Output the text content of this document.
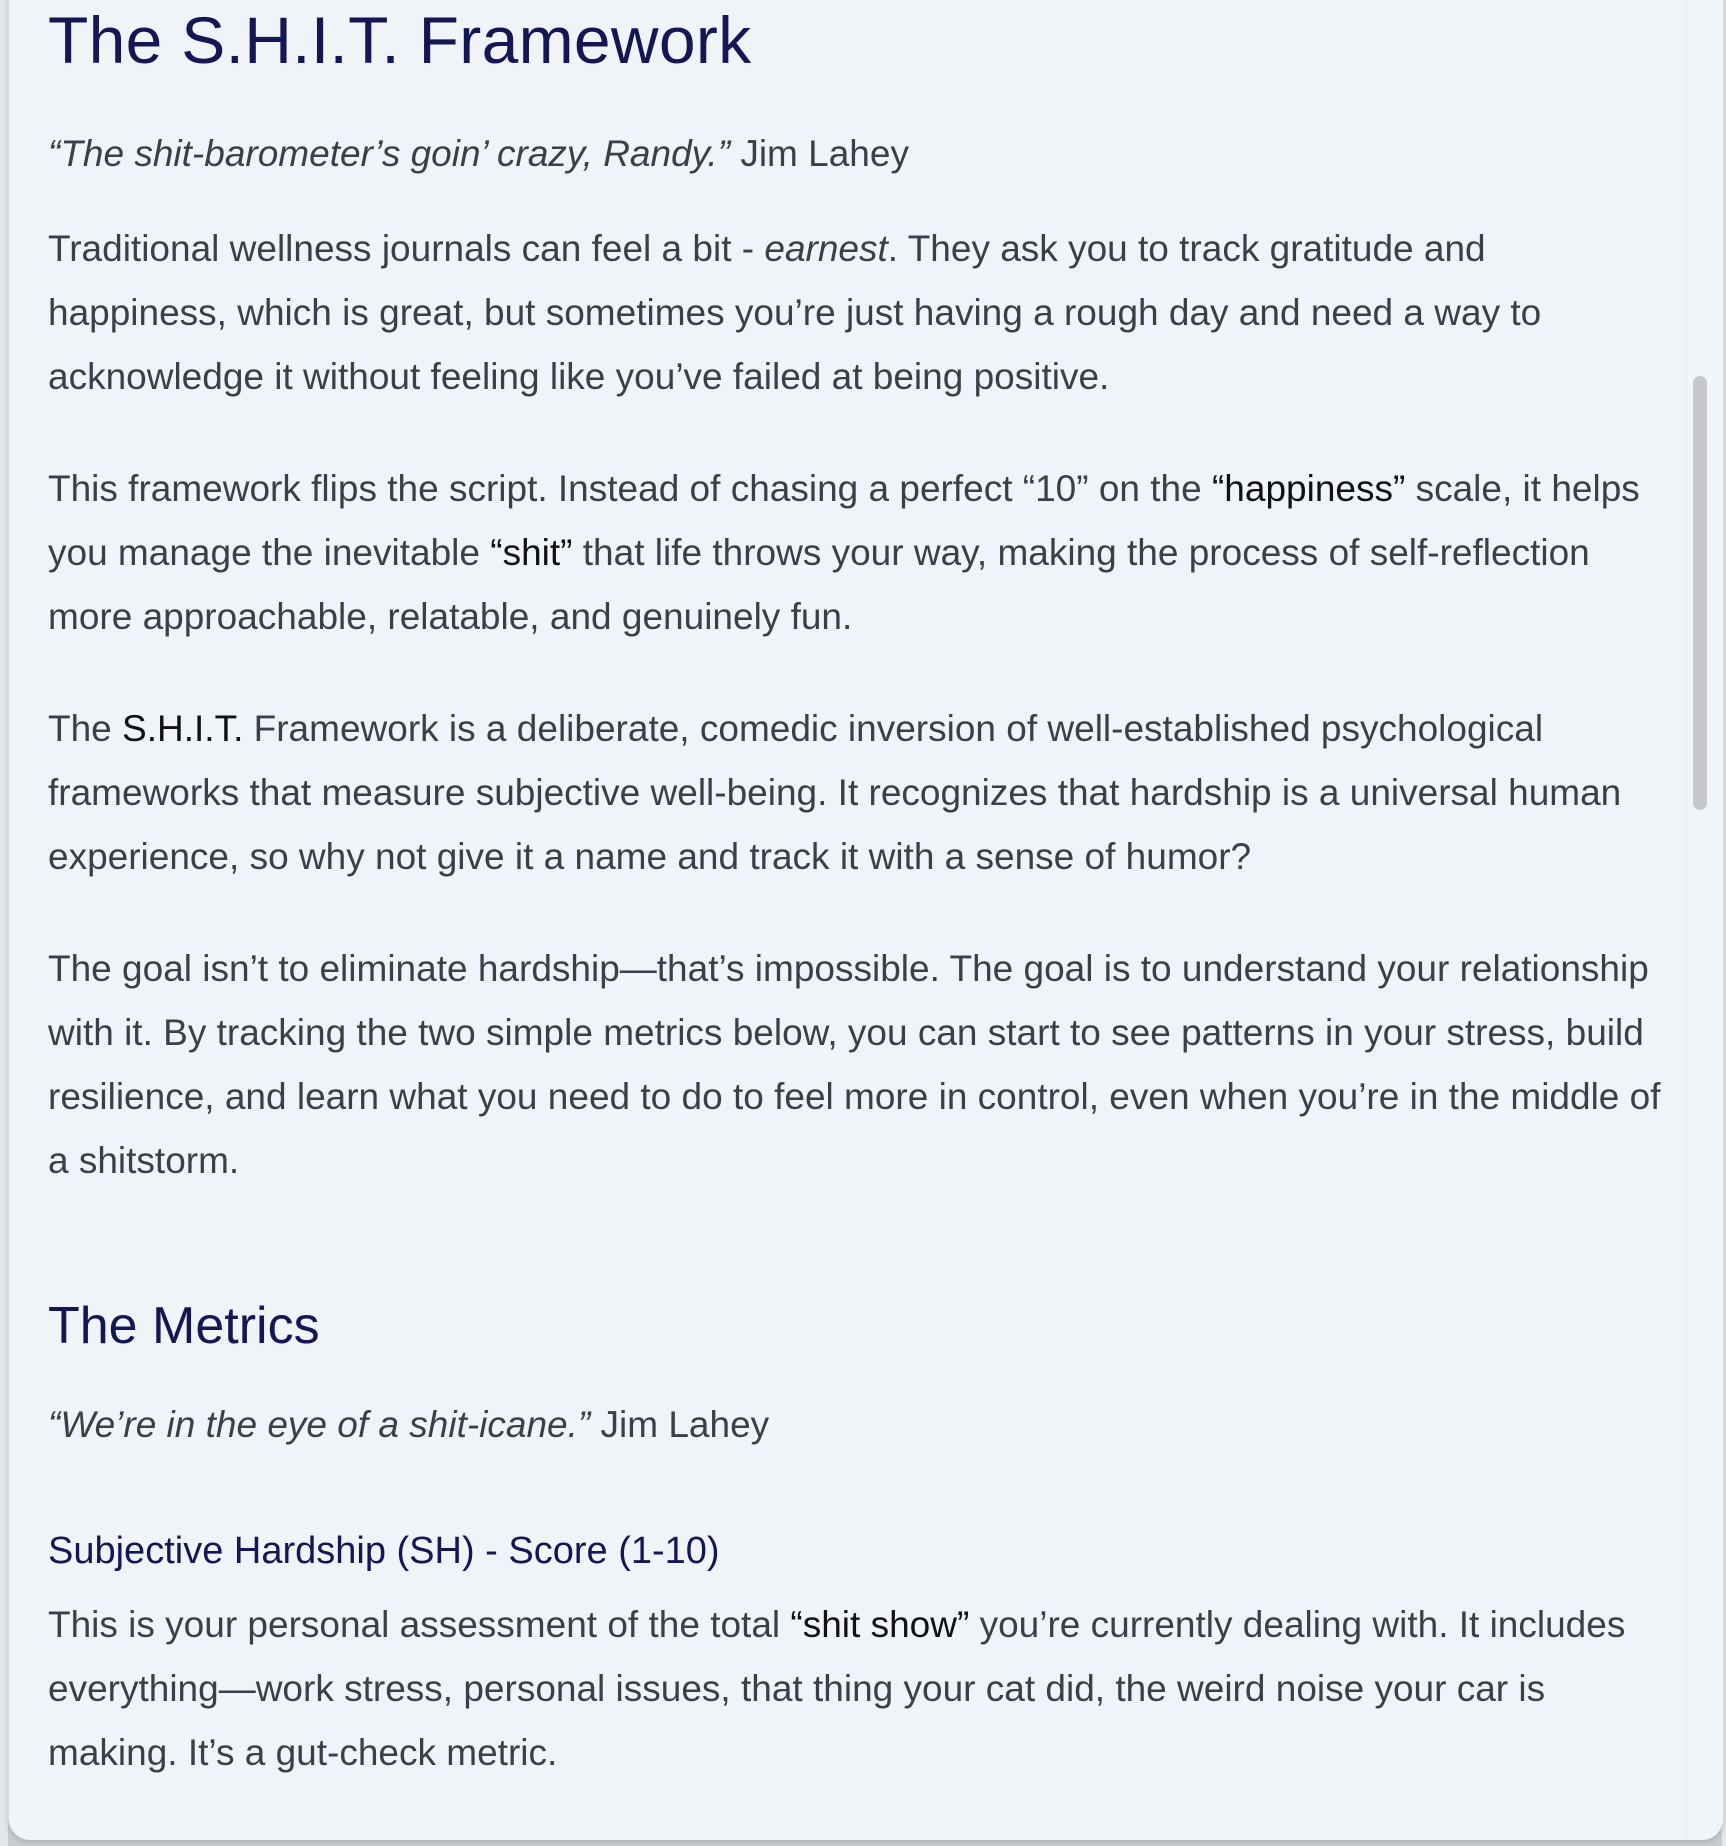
The S.H.I.T. Framework

“The shit-barometer’s goin’ crazy, Randy.” Jim Lahey

Traditional wellness journals can feel a bit - earnest. They ask you to track gratitude and happiness, which is great, but sometimes you’re just having a rough day and need a way to acknowledge it without feeling like you’ve failed at being positive.

This framework flips the script. Instead of chasing a perfect “10” on the “happiness” scale, it helps you manage the inevitable “shit” that life throws your way, making the process of self-reflection more approachable, relatable, and genuinely fun.

The S.H.I.T. Framework is a deliberate, comedic inversion of well-established psychological frameworks that measure subjective well-being. It recognizes that hardship is a universal human experience, so why not give it a name and track it with a sense of humor?

The goal isn’t to eliminate hardship—that’s impossible. The goal is to understand your relationship with it. By tracking the two simple metrics below, you can start to see patterns in your stress, build resilience, and learn what you need to do to feel more in control, even when you’re in the middle of a shitstorm.

The Metrics

“We’re in the eye of a shit-icane.” Jim Lahey

Subjective Hardship (SH) - Score (1-10)

This is your personal assessment of the total “shit show” you’re currently dealing with. It includes everything—work stress, personal issues, that thing your cat did, the weird noise your car is making. It’s a gut-check metric.
